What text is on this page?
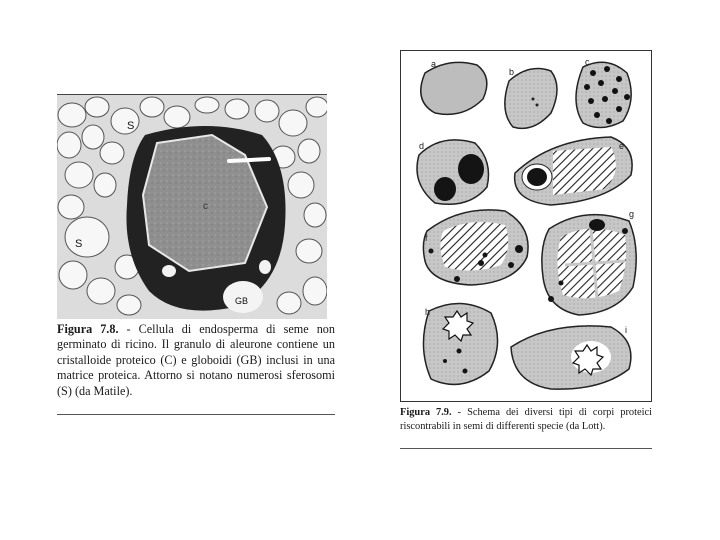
S
S
c
GB
Figura 7.8. - Cellula di endosperma di seme non germinato di ricino. Il granulo di aleurone contiene un cristalloide proteico (C) e globoidi (GB) inclusi in una matrice proteica. Attorno si notano numerosi sferosomi (S) (da Matile).
a
b
c
d	e
f
g
h
i
Figura 7.9. - Schema dei diversi tipi di corpi proteici riscontrabili in semi di differenti specie (da Lott).
